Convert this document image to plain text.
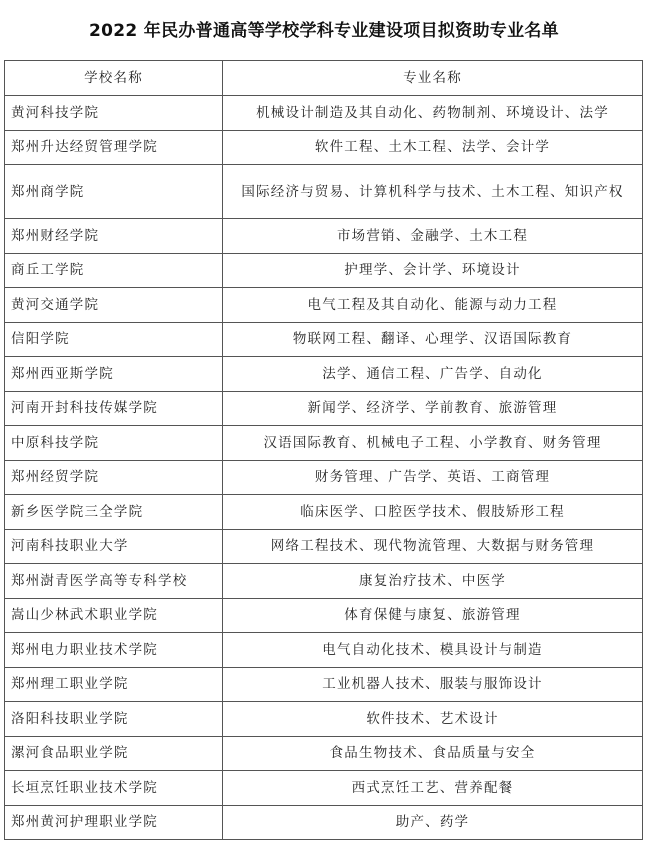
2022 年民办普通高等学校学科专业建设项目拟资助专业名单
学校名称	专业名称
黄河科技学院	机械设计制造及其自动化、药物制剂、环境设计、法学
郑州升达经贸管理学院	软件工程、土木工程、法学、会计学
郑州商学院	国际经济与贸易、计算机科学与技术、土木工程、知识产权
郑州财经学院	市场营销、金融学、土木工程
商丘工学院	护理学、会计学、环境设计
黄河交通学院	电气工程及其自动化、能源与动力工程
信阳学院	物联网工程、翻译、心理学、汉语国际教育
郑州西亚斯学院	法学、通信工程、广告学、自动化
河南开封科技传媒学院	新闻学、经济学、学前教育、旅游管理
中原科技学院	汉语国际教育、机械电子工程、小学教育、财务管理
郑州经贸学院	财务管理、广告学、英语、工商管理
新乡医学院三全学院	临床医学、口腔医学技术、假肢矫形工程
河南科技职业大学	网络工程技术、现代物流管理、大数据与财务管理
郑州澍青医学高等专科学校	康复治疗技术、中医学
嵩山少林武术职业学院	体育保健与康复、旅游管理
郑州电力职业技术学院	电气自动化技术、模具设计与制造
郑州理工职业学院	工业机器人技术、服装与服饰设计
洛阳科技职业学院	软件技术、艺术设计
漯河食品职业学院	食品生物技术、食品质量与安全
长垣烹饪职业技术学院	西式烹饪工艺、营养配餐
郑州黄河护理职业学院	助产、药学
